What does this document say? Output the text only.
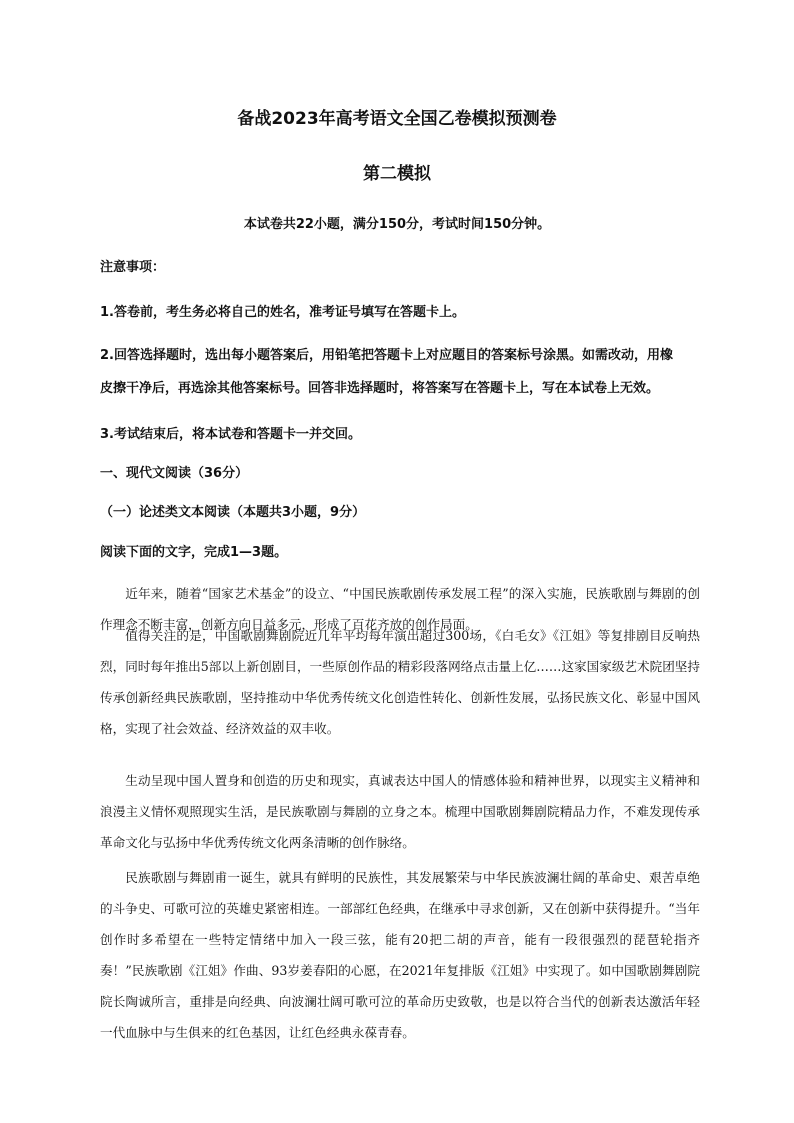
备战2023年高考语文全国乙卷模拟预测卷
第二模拟
本试卷共22小题，满分150分，考试时间150分钟。
注意事项：
1.答卷前，考生务必将自己的姓名，准考证号填写在答题卡上。
2.回答选择题时，选出每小题答案后，用铅笔把答题卡上对应题目的答案标号涂黑。如需改动，用橡
皮擦干净后，再选涂其他答案标号。回答非选择题时，将答案写在答题卡上，写在本试卷上无效。
3.考试结束后，将本试卷和答题卡一并交回。
一、现代文阅读（36分）
（一）论述类文本阅读（本题共3小题，9分）
阅读下面的文字，完成1—3题。

近年来，随着“国家艺术基金”的设立、“中国民族歌剧传承发展工程”的深入实施，民族歌剧与舞剧的创作理念不断丰富，创新方向日益多元，形成了百花齐放的创作局面。

值得关注的是，中国歌剧舞剧院近几年平均每年演出超过300场，《白毛女》《江姐》等复排剧目反响热烈，同时每年推出5部以上新创剧目，一些原创作品的精彩段落网络点击量上亿……这家国家级艺术院团坚持传承创新经典民族歌剧，坚持推动中华优秀传统文化创造性转化、创新性发展，弘扬民族文化、彰显中国风格，实现了社会效益、经济效益的双丰收。

生动呈现中国人置身和创造的历史和现实，真诚表达中国人的情感体验和精神世界，以现实主义精神和浪漫主义情怀观照现实生活，是民族歌剧与舞剧的立身之本。梳理中国歌剧舞剧院精品力作，不难发现传承革命文化与弘扬中华优秀传统文化两条清晰的创作脉络。

民族歌剧与舞剧甫一诞生，就具有鲜明的民族性，其发展繁荣与中华民族波澜壮阔的革命史、艰苦卓绝的斗争史、可歌可泣的英雄史紧密相连。一部部红色经典，在继承中寻求创新，又在创新中获得提升。“当年创作时多希望在一些特定情绪中加入一段三弦，能有20把二胡的声音，能有一段很强烈的琵琶轮指齐奏！”民族歌剧《江姐》作曲、93岁姜春阳的心愿，在2021年复排版《江姐》中实现了。如中国歌剧舞剧院院长陶诚所言，重排是向经典、向波澜壮阔可歌可泣的革命历史致敬，也是以符合当代的创新表达激活年轻一代血脉中与生俱来的红色基因，让红色经典永葆青春。
